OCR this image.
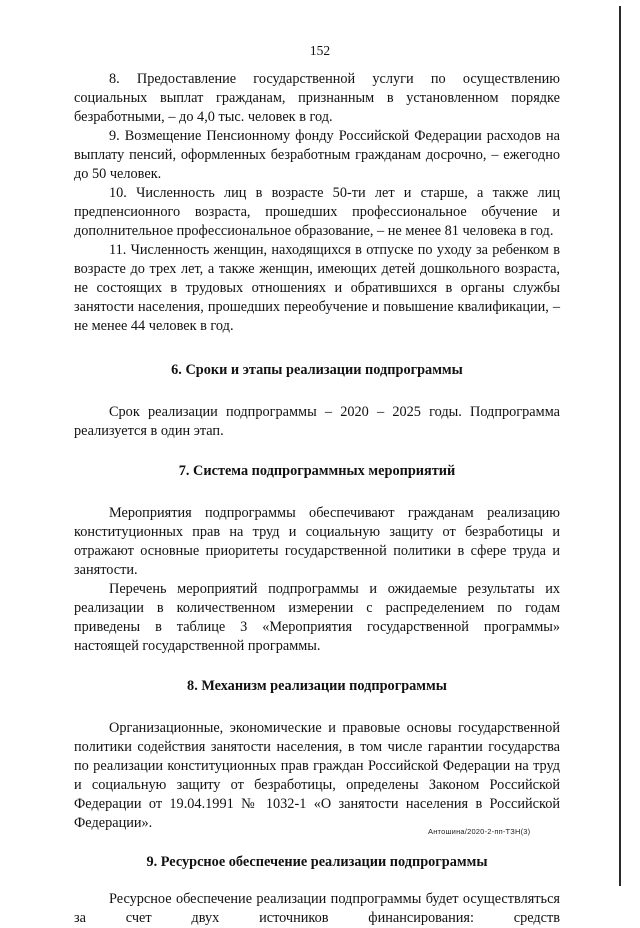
152

8. Предоставление государственной услуги по осуществлению социальных выплат гражданам, признанным в установленном порядке безработными, – до 4,0 тыс. человек в год.

9. Возмещение Пенсионному фонду Российской Федерации расходов на выплату пенсий, оформленных безработным гражданам досрочно, – ежегодно до 50 человек.

10. Численность лиц в возрасте 50-ти лет и старше, а также лиц предпенсионного возраста, прошедших профессиональное обучение и дополнительное профессиональное образование, – не менее 81 человека в год.

11. Численность женщин, находящихся в отпуске по уходу за ребенком в возрасте до трех лет, а также женщин, имеющих детей дошкольного возраста, не состоящих в трудовых отношениях и обратившихся в органы службы занятости населения, прошедших переобучение и повышение квалификации, – не менее 44 человек в год.

6. Сроки и этапы реализации подпрограммы

Срок реализации подпрограммы – 2020 – 2025 годы. Подпрограмма реализуется в один этап.

7. Система подпрограммных мероприятий

Мероприятия подпрограммы обеспечивают гражданам реализацию конституционных прав на труд и социальную защиту от безработицы и отражают основные приоритеты государственной политики в сфере труда и занятости.

Перечень мероприятий подпрограммы и ожидаемые результаты их реализации в количественном измерении с распределением по годам приведены в таблице 3 «Мероприятия государственной программы» настоящей государственной программы.

8. Механизм реализации подпрограммы

Организационные, экономические и правовые основы государственной политики содействия занятости населения, в том числе гарантии государства по реализации конституционных прав граждан Российской Федерации на труд и социальную защиту от безработицы, определены Законом Российской Федерации от 19.04.1991 № 1032-1 «О занятости населения в Российской Федерации».

9. Ресурсное обеспечение реализации подпрограммы

Ресурсное обеспечение реализации подпрограммы будет осуществляться за счет двух источников финансирования: средств

Антошина/2020-2-пп-ТЗН(3)
